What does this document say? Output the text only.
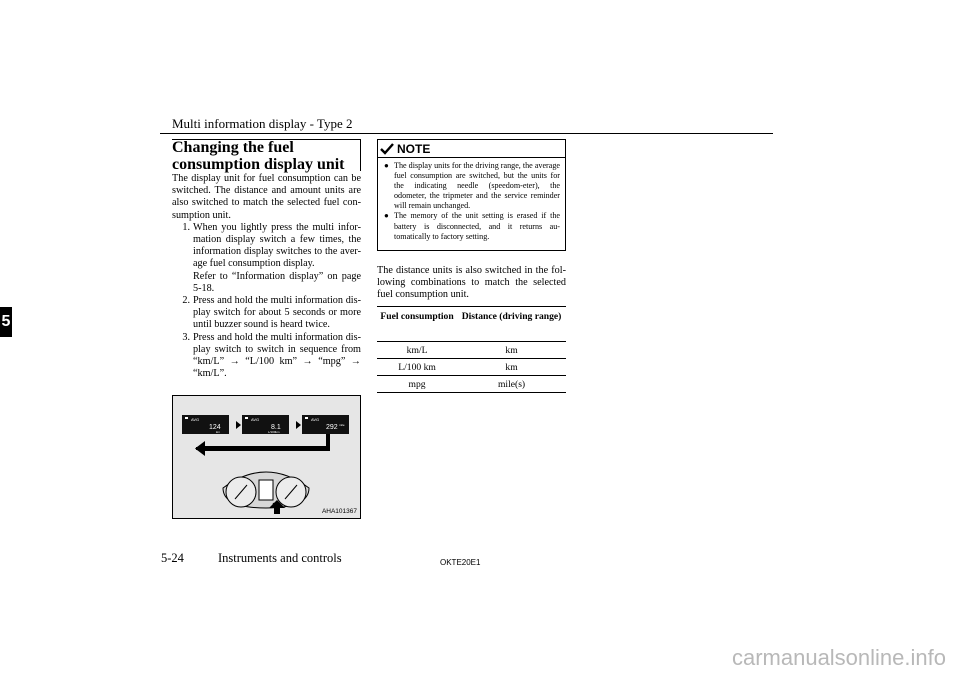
Multi information display - Type 2
5
Changing the fuel consumption display unit

The display unit for fuel consumption can be switched. The distance and amount units are also switched to match the selected fuel con-sumption unit.

1. When you lightly press the multi infor-mation display switch a few times, the information display switches to the aver-age fuel consumption display.
Refer to “Information display” on page 5-18.
2. Press and hold the multi information dis-play switch for about 5 seconds or more until buzzer sound is heard twice.
3. Press and hold the multi information dis-play switch to switch in sequence from “km/L” → “L/100 km” → “mpg” → “km/L”.
NOTE
● The display units for the driving range, the average fuel consumption are switched, but the units for the indicating needle (speedom-eter), the odometer, the tripmeter and the service reminder will remain unchanged.
● The memory of the unit setting is erased if the battery is disconnected, and it returns au-tomatically to factory setting.
The distance units is also switched in the fol-lowing combinations to match the selected fuel consumption unit.
Fuel consumption	Distance (driving range)
km/L	km
L/100 km	km
mpg	mile(s)
AVG
124
km
AVG
8.1
L/100km
AVG
292 mile
AHA101367
5-24	Instruments and controls	OKTE20E1
carmanualsonline.info
